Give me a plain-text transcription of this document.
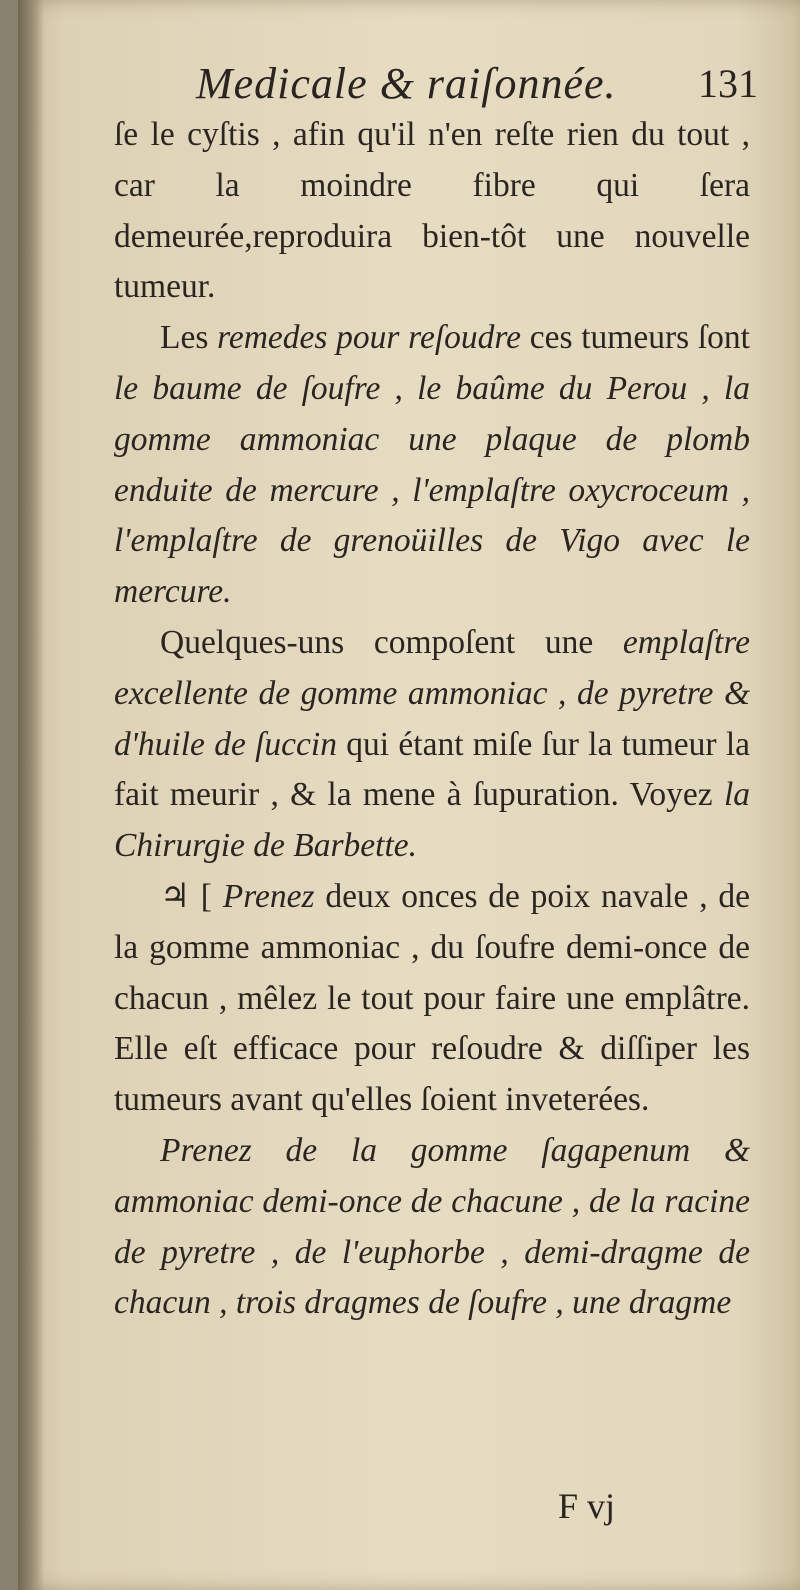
Medicale & raiſonnée. 131

ſe le cyſtis , afin qu'il n'en reſte rien du tout , car la moindre fibre qui ſera demeurée,reproduira bien-tôt une nouvelle tumeur.

Les remedes pour reſoudre ces tumeurs ſont le baume de ſoufre , le baûme du Perou , la gomme ammoniac une plaque de plomb enduite de mercure , l'emplaſtre oxycroceum , l'emplaſtre de grenoüilles de Vigo avec le mercure.

Quelques-uns compoſent une emplaſtre excellente de gomme ammoniac , de pyretre & d'huile de ſuccin qui étant miſe ſur la tumeur la fait meurir , & la mene à ſupuration. Voyez la Chirurgie de Barbette.

♃ [ Prenez deux onces de poix navale , de la gomme ammoniac , du ſoufre demi-once de chacun , mêlez le tout pour faire une emplâtre. Elle eſt efficace pour reſoudre & diſſiper les tumeurs avant qu'elles ſoient inveterées.

Prenez de la gomme ſagapenum & ammoniac demi-once de chacune , de la racine de pyretre , de l'euphorbe , demi-dragme de chacun , trois dragmes de ſoufre , une dragme

F vj
